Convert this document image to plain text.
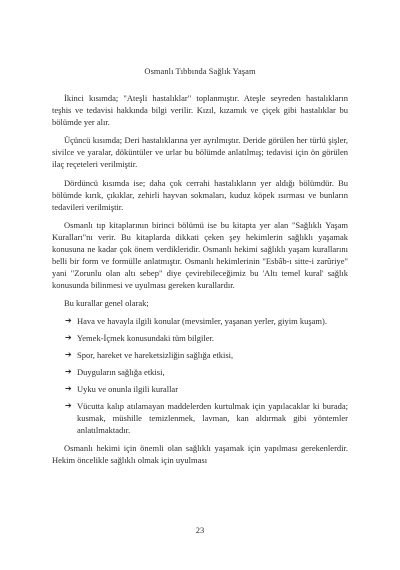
Osmanlı Tıbbında Sağlık Yaşam

İkinci kısımda; "Ateşli hastalıklar" toplanmıştır. Ateşle seyreden hastalıkların teşhis ve tedavisi hakkında bilgi verilir. Kızıl, kızamık ve çiçek gibi hastalıklar bu bölümde yer alır.

Üçüncü kısımda; Deri hastalıklarına yer ayrılmıştır. Deride görülen her türlü şişler, sivilce ve yaralar, döküntüler ve urlar bu bölümde anlatılmış; tedavisi için ön görülen ilaç reçeteleri verilmiştir.

Dördüncü kısımda ise; daha çok cerrahi hastalıkların yer aldığı bölümdür. Bu bölümde kırık, çıkıklar, zehirli hayvan sokmaları, kuduz köpek ısırması ve bunların tedavileri verilmiştir.

Osmanlı tıp kitaplarının birinci bölümü ise bu kitapta yer alan "Sağlıklı Yaşam Kuralları"nı verir. Bu kitaplarda dikkati çeken şey hekimlerin sağlıklı yaşamak konusuna ne kadar çok önem verdikleridir. Osmanlı hekimi sağlıklı yaşam kurallarını belli bir form ve formülle anlatmıştır. Osmanlı hekimlerinin "Esbâb-ı sitte-i zarûriye" yani "Zorunlu olan altı sebep" diye çevirebileceğimiz bu 'Altı temel kural' sağlık konusunda bilinmesi ve uyulması gereken kurallardır.

Bu kurallar genel olarak;

➔ Hava ve havayla ilgili konular (mevsimler, yaşanan yerler, giyim kuşam).
➔ Yemek-İçmek konusundaki tüm bilgiler.
➔ Spor, hareket ve hareketsizliğin sağlığa etkisi,
➔ Duyguların sağlığa etkisi,
➔ Uyku ve onunla ilgili kurallar
➔ Vücutta kalıp atılamayan maddelerden kurtulmak için yapılacaklar ki burada; kusmak, müshille temizlenmek, lavman, kan aldırmak gibi yöntemler anlatılmaktadır.

Osmanlı hekimi için önemli olan sağlıklı yaşamak için yapılması gerekenlerdir. Hekim öncelikle sağlıklı olmak için uyulması

23
